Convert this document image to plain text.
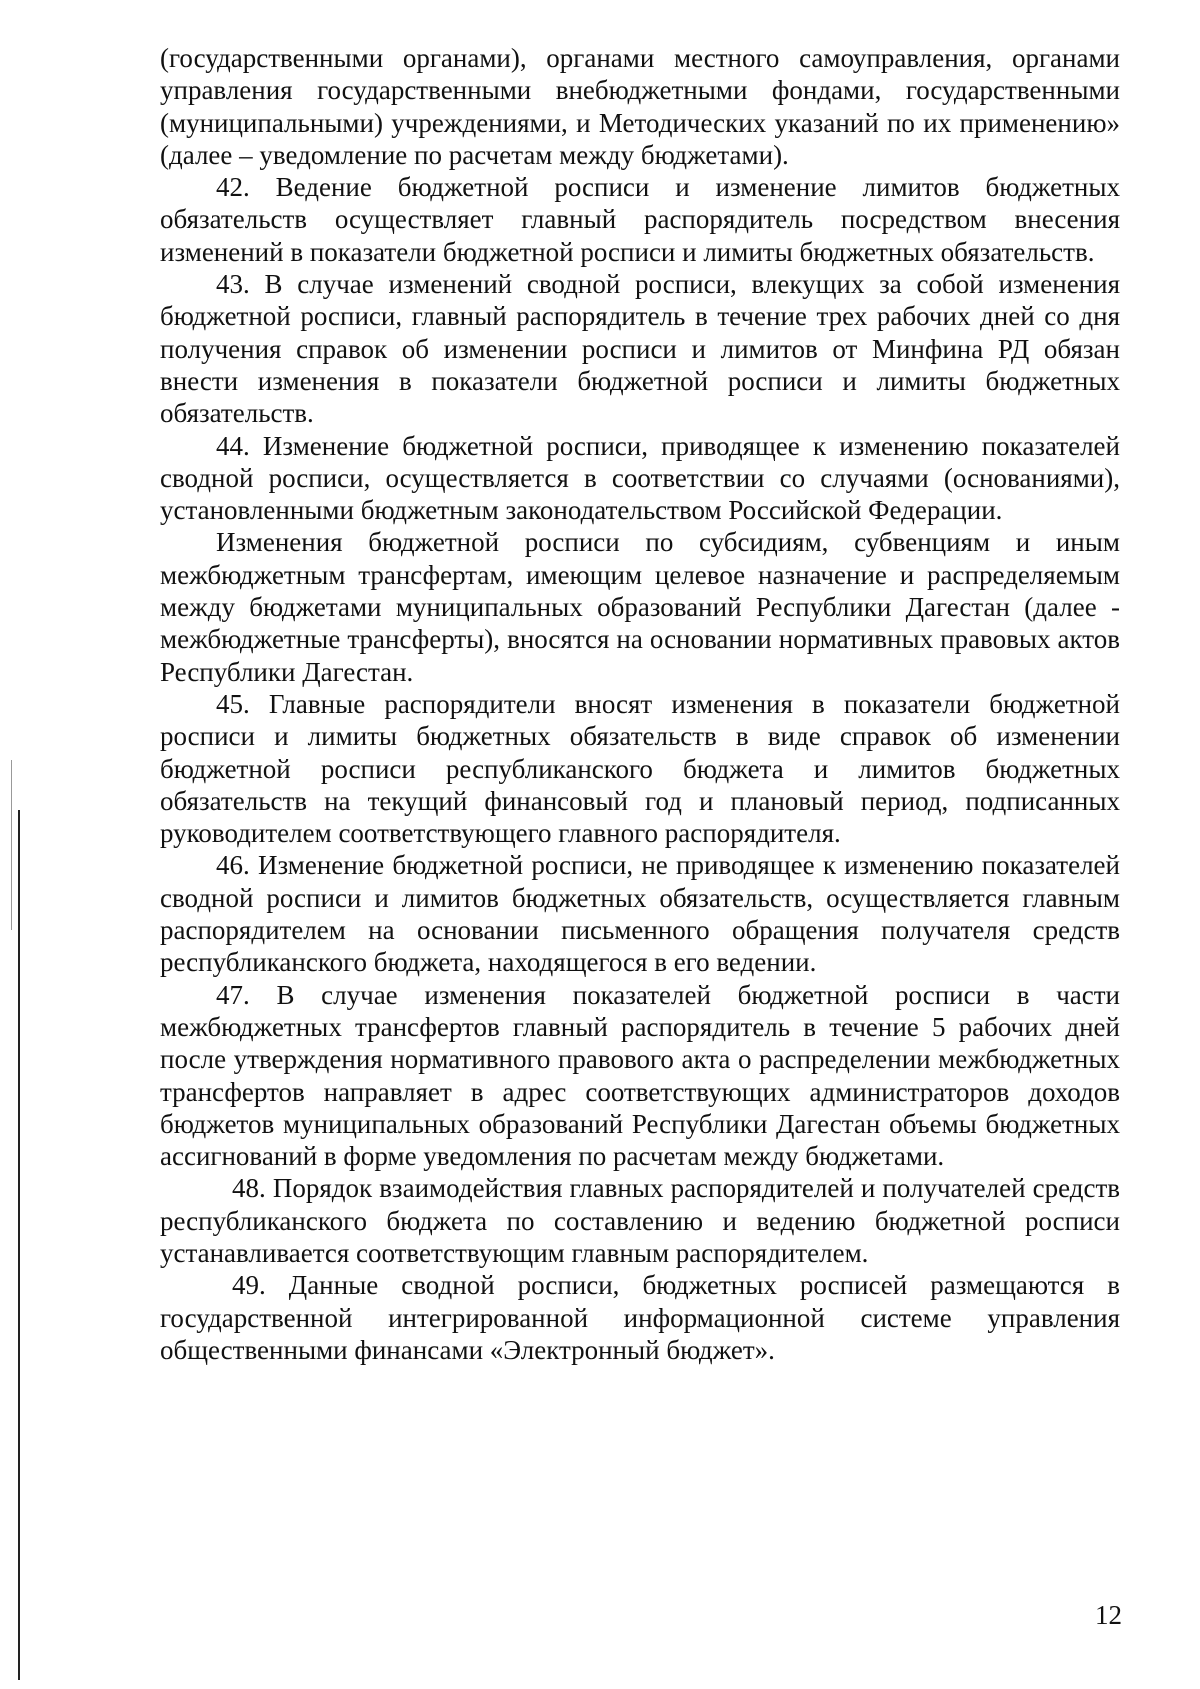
(государственными органами), органами местного самоуправления, органами управления государственными внебюджетными фондами, государственными (муниципальными) учреждениями, и Методических указаний по их применению» (далее – уведомление по расчетам между бюджетами).

42. Ведение бюджетной росписи и изменение лимитов бюджетных обязательств осуществляет главный распорядитель посредством внесения изменений в показатели бюджетной росписи и лимиты бюджетных обязательств.

43. В случае изменений сводной росписи, влекущих за собой изменения бюджетной росписи, главный распорядитель в течение трех рабочих дней со дня получения справок об изменении росписи и лимитов от Минфина РД обязан внести изменения в показатели бюджетной росписи и лимиты бюджетных обязательств.

44. Изменение бюджетной росписи, приводящее к изменению показателей сводной росписи, осуществляется в соответствии со случаями (основаниями), установленными бюджетным законодательством Российской Федерации.

Изменения бюджетной росписи по субсидиям, субвенциям и иным межбюджетным трансфертам, имеющим целевое назначение и распределяемым между бюджетами муниципальных образований Республики Дагестан (далее - межбюджетные трансферты), вносятся на основании нормативных правовых актов Республики Дагестан.

45. Главные распорядители вносят изменения в показатели бюджетной росписи и лимиты бюджетных обязательств в виде справок об изменении бюджетной росписи республиканского бюджета и лимитов бюджетных обязательств на текущий финансовый год и плановый период, подписанных руководителем соответствующего главного распорядителя.

46. Изменение бюджетной росписи, не приводящее к изменению показателей сводной росписи и лимитов бюджетных обязательств, осуществляется главным распорядителем на основании письменного обращения получателя средств республиканского бюджета, находящегося в его ведении.

47. В случае изменения показателей бюджетной росписи в части межбюджетных трансфертов главный распорядитель в течение 5 рабочих дней после утверждения нормативного правового акта о распределении межбюджетных трансфертов направляет в адрес соответствующих администраторов доходов бюджетов муниципальных образований Республики Дагестан объемы бюджетных ассигнований в форме уведомления по расчетам между бюджетами.

48. Порядок взаимодействия главных распорядителей и получателей средств республиканского бюджета по составлению и ведению бюджетной росписи устанавливается соответствующим главным распорядителем.

49. Данные сводной росписи, бюджетных росписей размещаются в государственной интегрированной информационной системе управления общественными финансами «Электронный бюджет».

12
